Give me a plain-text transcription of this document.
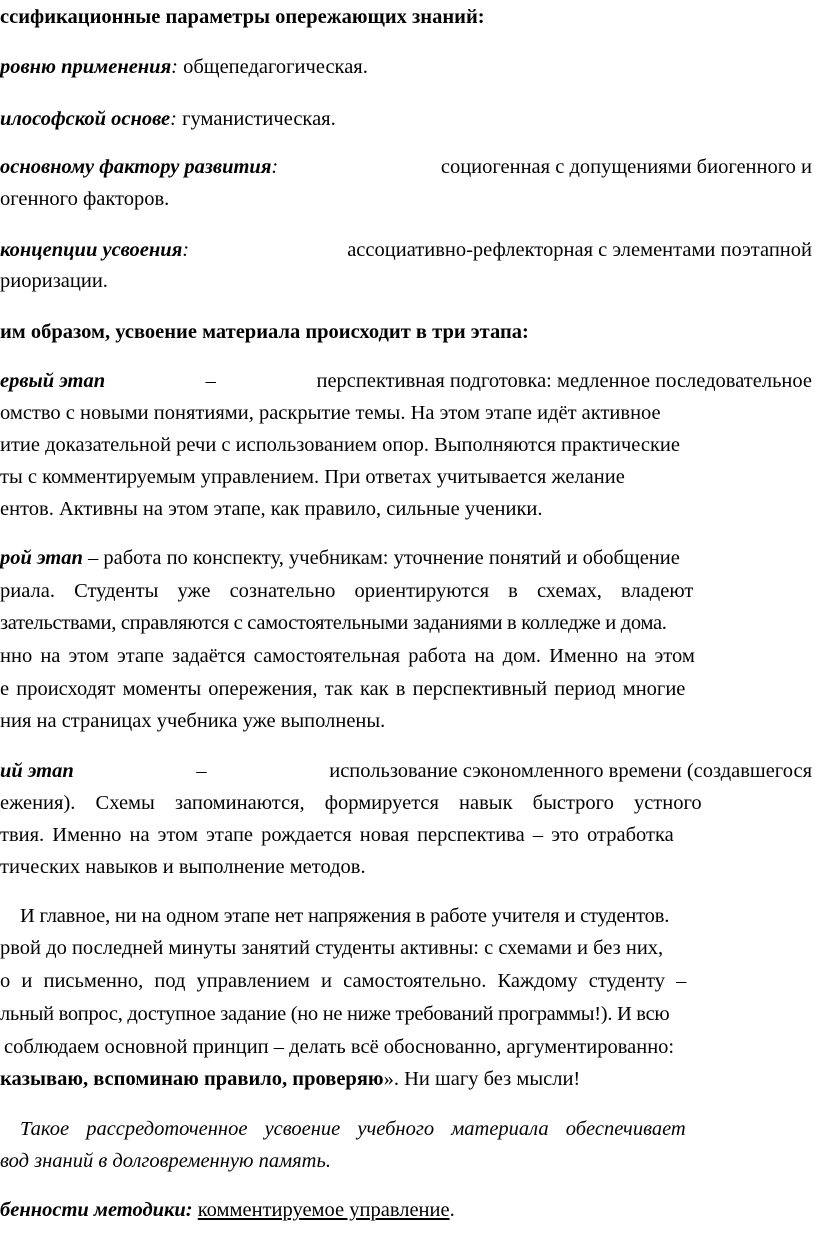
ссификационные параметры опережающих знаний:
ровню применения: общепедагогическая.
илософской основе: гуманистическая.
основному фактору развития:	социогенная с допущениями биогенного и
огенного факторов.
концепции усвоения:	ассоциативно-рефлекторная с элементами поэтапной
риоризации.
им образом, усвоение материала происходит в три этапа:
ервый этап	–	перспективная подготовка: медленное последовательное
омство с новыми понятиями, раскрытие темы. На этом этапе идёт активное
итие доказательной речи с использованием опор. Выполняются практические
ты с комментируемым управлением. При ответах учитывается желание
ентов. Активны на этом этапе, как правило, сильные ученики.
рой этап – работа по конспекту, учебникам: уточнение понятий и обобщение
риала. Студенты уже сознательно ориентируются в схемах, владеют
зательствами, справляются с самостоятельными заданиями в колледже и дома.
нно на этом этапе задаётся самостоятельная работа на дом. Именно на этом
е происходят моменты опережения, так как в перспективный период многие
ния на страницах учебника уже выполнены.
ий этап	–	использование сэкономленного времени (создавшегося
ежения). Схемы запоминаются, формируется навык быстрого устного
твия. Именно на этом этапе рождается новая перспектива – это отработка
тических навыков и выполнение методов.
И главное, ни на одном этапе нет напряжения в работе учителя и студентов.
рвой до последней минуты занятий студенты активны: с схемами и без них,
о и письменно, под управлением и самостоятельно. Каждому студенту –
льный вопрос, доступное задание (но не ниже требований программы!). И всю
соблюдаем основной принцип – делать всё обоснованно, аргументированно:
казываю, вспоминаю правило, проверяю». Ни шагу без мысли!
Такое рассредоточенное усвоение учебного материала обеспечивает
вод знаний в долговременную память.
бенности методики: комментируемое управление.
